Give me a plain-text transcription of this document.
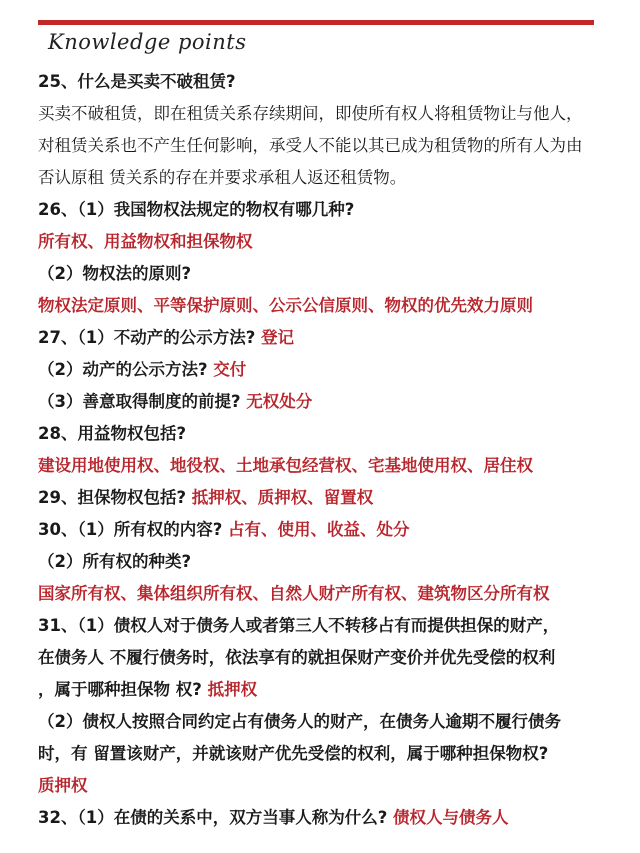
Knowledge points
25、什么是买卖不破租赁?
买卖不破租赁，即在租赁关系存续期间，即使所有权人将租赁物让与他人，
对租赁关系也不产生任何影响，承受人不能以其已成为租赁物的所有人为由
否认原租 赁关系的存在并要求承租人返还租赁物。
26、（1）我国物权法规定的物权有哪几种?
所有权、用益物权和担保物权
（2）物权法的原则?
物权法定原则、平等保护原则、公示公信原则、物权的优先效力原则
27、（1）不动产的公示方法? 登记
（2）动产的公示方法? 交付
（3）善意取得制度的前提? 无权处分
28、用益物权包括?
建设用地使用权、地役权、土地承包经营权、宅基地使用权、居住权
29、担保物权包括? 抵押权、质押权、留置权
30、（1）所有权的内容? 占有、使用、收益、处分
（2）所有权的种类?
国家所有权、集体组织所有权、自然人财产所有权、建筑物区分所有权
31、（1）债权人对于债务人或者第三人不转移占有而提供担保的财产，
在债务人 不履行债务时，依法享有的就担保财产变价并优先受偿的权利
，属于哪种担保物 权? 抵押权
（2）债权人按照合同约定占有债务人的财产，在债务人逾期不履行债务
时，有 留置该财产，并就该财产优先受偿的权利，属于哪种担保物权?
质押权
32、（1）在债的关系中，双方当事人称为什么? 债权人与债务人
